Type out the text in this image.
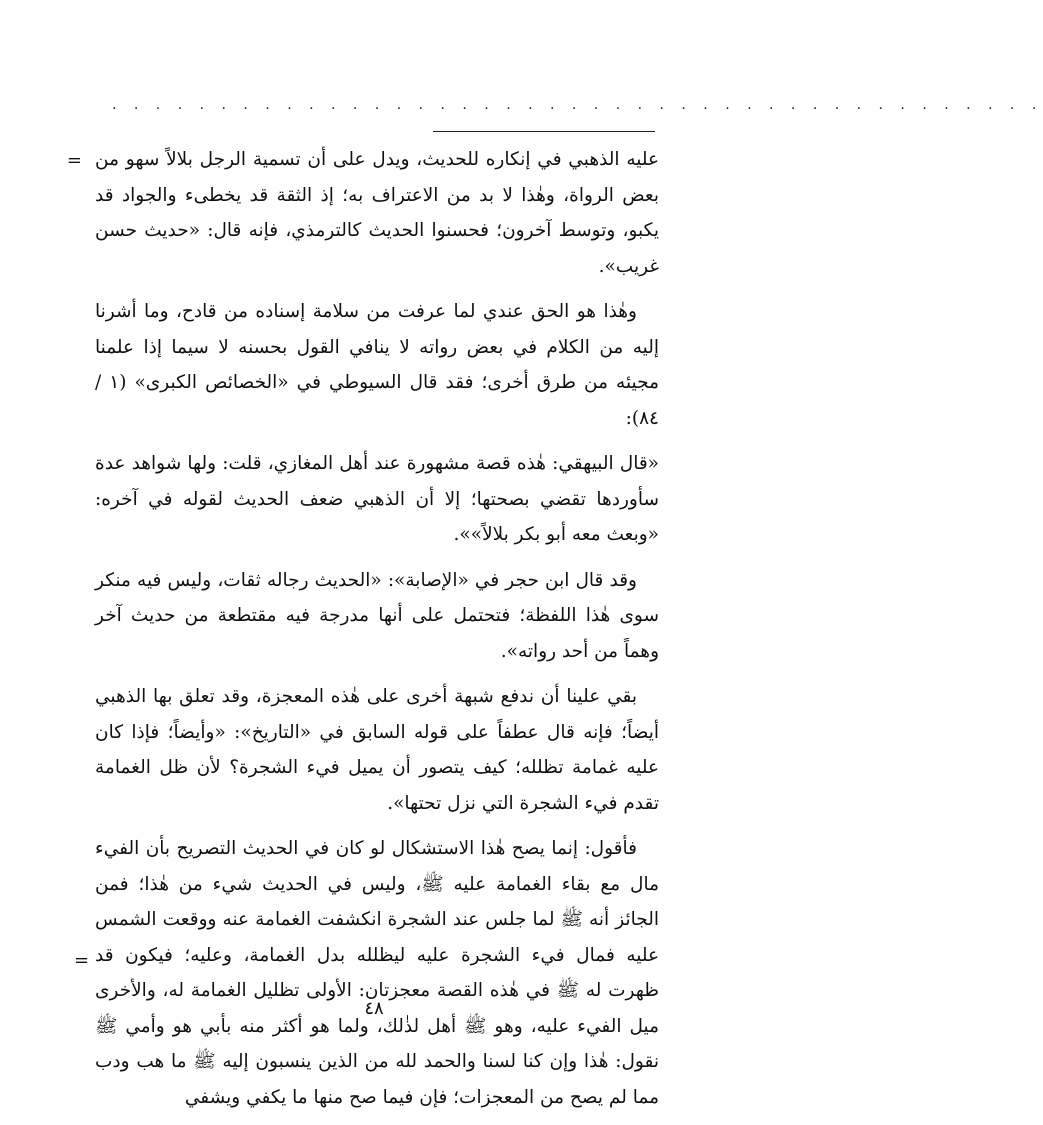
. . . . . . . . . . . . . . . . . . . . . . . . . . . . . . . . . . . . . . . . . . .
= عليه الذهبي في إنكاره للحديث، ويدل على أن تسمية الرجل بلالاً سهو من بعض الرواة، وهٰذا لا بد من الاعتراف به؛ إذ الثقة قد يخطىء والجواد قد يكبو، وتوسط آخرون؛ فحسنوا الحديث كالترمذي، فإنه قال: «حديث حسن غريب».

وهٰذا هو الحق عندي لما عرفت من سلامة إسناده من قادح، وما أشرنا إليه من الكلام في بعض رواته لا ينافي القول بحسنه لا سيما إذا علمنا مجيئه من طرق أخرى؛ فقد قال السيوطي في «الخصائص الكبرى» (١ / ٨٤):

«قال البيهقي: هٰذه قصة مشهورة عند أهل المغازي، قلت: ولها شواهد عدة سأوردها تقضي بصحتها؛ إلا أن الذهبي ضعف الحديث لقوله في آخره: «وبعث معه أبو بكر بلالاً»».

وقد قال ابن حجر في «الإصابة»: «الحديث رجاله ثقات، وليس فيه منكر سوى هٰذا اللفظة؛ فتحتمل على أنها مدرجة فيه مقتطعة من حديث آخر وهماً من أحد رواته».

بقي علينا أن ندفع شبهة أخرى على هٰذه المعجزة، وقد تعلق بها الذهبي أيضاً؛ فإنه قال عطفاً على قوله السابق في «التاريخ»: «وأيضاً؛ فإذا كان عليه غمامة تظلله؛ كيف يتصور أن يميل فيء الشجرة؟ لأن ظل الغمامة تقدم فيء الشجرة التي نزل تحتها».

فأقول: إنما يصح هٰذا الاستشكال لو كان في الحديث التصريح بأن الفيء مال مع بقاء الغمامة عليه ﷺ، وليس في الحديث شيء من هٰذا؛ فمن الجائز أنه ﷺ لما جلس عند الشجرة انكشفت الغمامة عنه ووقعت الشمس عليه فمال فيء الشجرة عليه ليظلله بدل الغمامة، وعليه؛ فيكون قد ظهرت له ﷺ في هٰذه القصة معجزتان: الأولى تظليل الغمامة له، والأخرى ميل الفيء عليه، وهو ﷺ أهل لذٰلك، ولما هو أكثر منه بأبي هو وأمي ﷺ نقول: هٰذا وإن كنا لسنا والحمد لله من الذين ينسبون إليه ﷺ ما هب ودب مما لم يصح من المعجزات؛ فإن فيما صح منها ما يكفي ويشفي

=
٤٨
